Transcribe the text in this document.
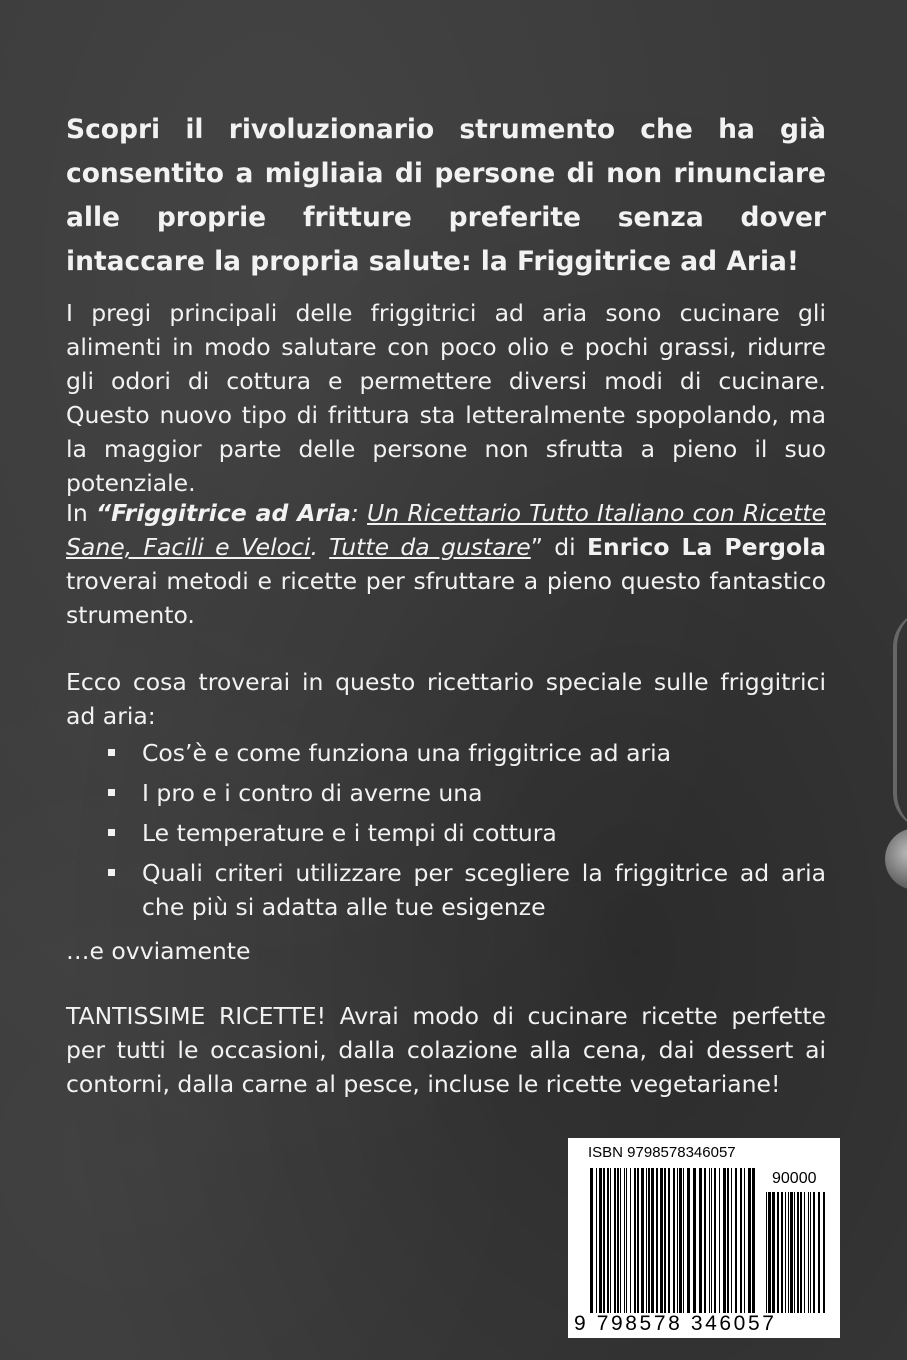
Scopri il rivoluzionario strumento che ha già consentito a migliaia di persone di non rinunciare alle proprie fritture preferite senza dover intaccare la propria salute: la Friggitrice ad Aria!
I pregi principali delle friggitrici ad aria sono cucinare gli alimenti in modo salutare con poco olio e pochi grassi, ridurre gli odori di cottura e permettere diversi modi di cucinare. Questo nuovo tipo di frittura sta letteralmente spopolando, ma la maggior parte delle persone non sfrutta a pieno il suo potenziale.
In “Friggitrice ad Aria: Un Ricettario Tutto Italiano con Ricette Sane, Facili e Veloci. Tutte da gustare” di Enrico La Pergola troverai metodi e ricette per sfruttare a pieno questo fantastico strumento.
Ecco cosa troverai in questo ricettario speciale sulle friggitrici ad aria:
Cos’è e come funziona una friggitrice ad aria
I pro e i contro di averne una
Le temperature e i tempi di cottura
Quali criteri utilizzare per scegliere la friggitrice ad aria che più si adatta alle tue esigenze
…e ovviamente
TANTISSIME RICETTE! Avrai modo di cucinare ricette perfette per tutti le occasioni, dalla colazione alla cena, dai dessert ai contorni, dalla carne al pesce, incluse le ricette vegetariane!
ISBN 9798578346057
90000
9 798578 346057
